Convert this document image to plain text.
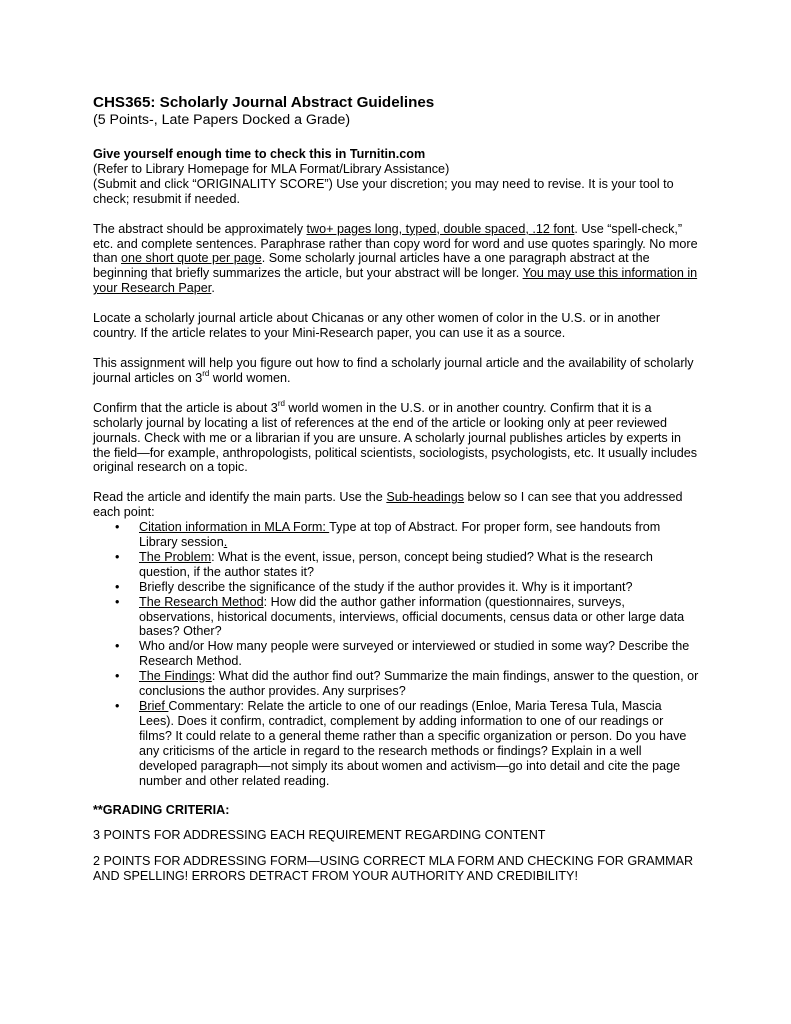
CHS365: Scholarly Journal Abstract Guidelines
(5 Points-, Late Papers Docked a Grade)

Give yourself enough time to check this in Turnitin.com
(Refer to Library Homepage for MLA Format/Library Assistance)
(Submit and click “ORIGINALITY SCORE”) Use your discretion; you may need to revise. It is your tool to check; resubmit if needed.

The abstract should be approximately two+ pages long, typed, double spaced, .12 font. Use “spell-check,” etc. and complete sentences. Paraphrase rather than copy word for word and use quotes sparingly. No more than one short quote per page. Some scholarly journal articles have a one paragraph abstract at the beginning that briefly summarizes the article, but your abstract will be longer. You may use this information in your Research Paper.

Locate a scholarly journal article about Chicanas or any other women of color in the U.S. or in another country. If the article relates to your Mini-Research paper, you can use it as a source.

This assignment will help you figure out how to find a scholarly journal article and the availability of scholarly journal articles on 3rd world women.

Confirm that the article is about 3rd world women in the U.S. or in another country. Confirm that it is a scholarly journal by locating a list of references at the end of the article or looking only at peer reviewed journals. Check with me or a librarian if you are unsure. A scholarly journal publishes articles by experts in the field—for example, anthropologists, political scientists, sociologists, psychologists, etc. It usually includes original research on a topic.

Read the article and identify the main parts. Use the Sub-headings below so I can see that you addressed each point:

• Citation information in MLA Form: Type at top of Abstract. For proper form, see handouts from Library session.
• The Problem: What is the event, issue, person, concept being studied? What is the research question, if the author states it?
• Briefly describe the significance of the study if the author provides it. Why is it important?
• The Research Method: How did the author gather information (questionnaires, surveys, observations, historical documents, interviews, official documents, census data or other large data bases? Other?
• Who and/or How many people were surveyed or interviewed or studied in some way? Describe the Research Method.
• The Findings: What did the author find out? Summarize the main findings, answer to the question, or conclusions the author provides. Any surprises?
• Brief Commentary: Relate the article to one of our readings (Enloe, Maria Teresa Tula, Mascia Lees). Does it confirm, contradict, complement by adding information to one of our readings or films? It could relate to a general theme rather than a specific organization or person. Do you have any criticisms of the article in regard to the research methods or findings? Explain in a well developed paragraph—not simply its about women and activism—go into detail and cite the page number and other related reading.
**GRADING CRITERIA:
3 POINTS FOR ADDRESSING EACH REQUIREMENT REGARDING CONTENT
2 POINTS FOR ADDRESSING FORM—USING CORRECT MLA FORM AND CHECKING FOR GRAMMAR AND SPELLING! ERRORS DETRACT FROM YOUR AUTHORITY AND CREDIBILITY!
